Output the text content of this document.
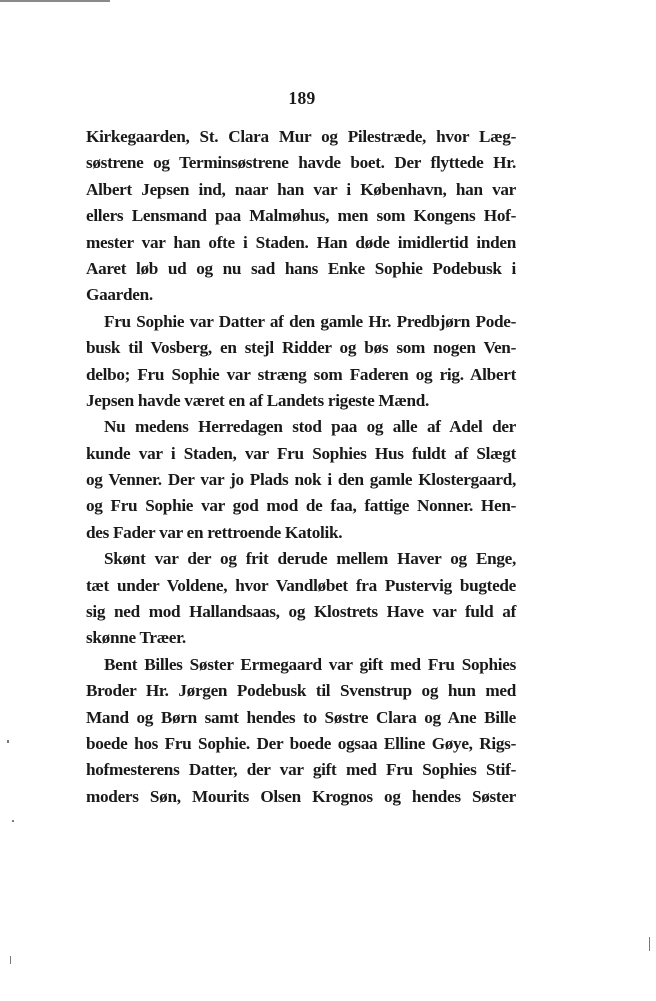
189
Kirkegaarden, St. Clara Mur og Pilestræde, hvor Læg-
søstrene og Terminsøstrene havde boet. Der flyttede Hr.
Albert Jepsen ind, naar han var i København, han var
ellers Lensmand paa Malmøhus, men som Kongens Hof-
mester var han ofte i Staden. Han døde imidlertid inden
Aaret løb ud og nu sad hans Enke Sophie Podebusk i
Gaarden.
Fru Sophie var Datter af den gamle Hr. Predbjørn Pode-
busk til Vosberg, en stejl Ridder og bøs som nogen Ven-
delbo; Fru Sophie var stræng som Faderen og rig. Albert
Jepsen havde været en af Landets rigeste Mænd.
Nu medens Herredagen stod paa og alle af Adel der
kunde var i Staden, var Fru Sophies Hus fuldt af Slægt
og Venner. Der var jo Plads nok i den gamle Klostergaard,
og Fru Sophie var god mod de faa, fattige Nonner. Hen-
des Fader var en rettroende Katolik.
Skønt var der og frit derude mellem Haver og Enge,
tæt under Voldene, hvor Vandløbet fra Pustervig bugtede
sig ned mod Hallandsaas, og Klostrets Have var fuld af
skønne Træer.
Bent Billes Søster Ermegaard var gift med Fru Sophies
Broder Hr. Jørgen Podebusk til Svenstrup og hun med
Mand og Børn samt hendes to Søstre Clara og Ane Bille
boede hos Fru Sophie. Der boede ogsaa Elline Gøye, Rigs-
hofmesterens Datter, der var gift med Fru Sophies Stif-
moders Søn, Mourits Olsen Krognos og hendes Søster
